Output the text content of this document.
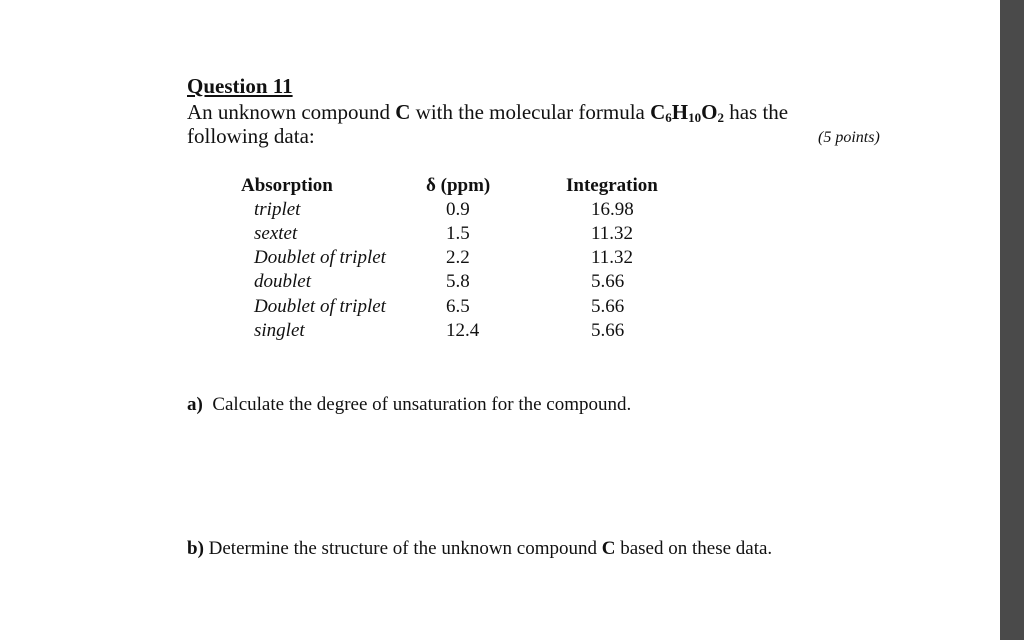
Question 11
An unknown compound C with the molecular formula $C_6H_{10}O_2$ has the
following data:	(5 points)
Absorption	δ (ppm)	Integration
triplet	0.9	16.98
sextet	1.5	11.32
Doublet of triplet	2.2	11.32
doublet	5.8	5.66
Doublet of triplet	6.5	5.66
singlet	12.4	5.66
a) Calculate the degree of unsaturation for the compound.
b) Determine the structure of the unknown compound C based on these data.
